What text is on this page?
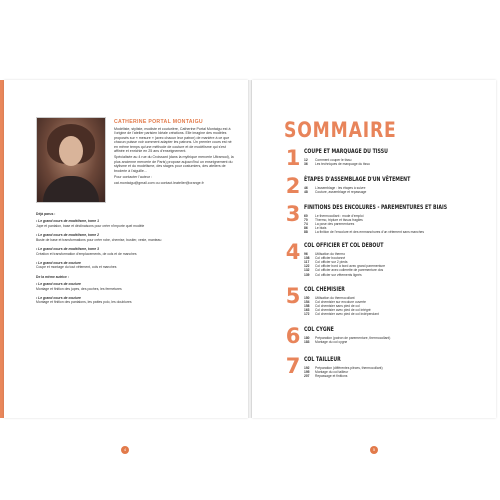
CATHERINE PORTAL MONTAIGU

Modéliste, styliste, modiste et couturière, Catherine Portal Montaigu est à l'origine de l'atelier parisien Idéale créations. Elle imagine des modèles proposés sur « mesure » (avec chacun leur patron) de manière à ce que chacun puisse voir comment adapter les patrons. Un premier cours est né en même temps qu'une méthode de couture et de modélisme qui s'est affinée et enrichie en 25 ans d'enseignement.

Spécialisée au 4 rue du Croissant (dans la mythique mercerie Ultramod), la plus ancienne mercerie de Paris) propose aujourd'hui un enseignement du stylisme et du modélisme, des stages pour costumiers, des ateliers de broderie à l'aiguille…

Pour contacter l'auteur :

cat.montaigu@gmail.com ou contact.leatelier@orange.fr

Déjà parus :
• Le grand cours de modélisme, tome 1
Jupe et pantalon, base et déclinaisons pour créer n'importe quel modèle
• Le grand cours de modélisme, tome 2
Buste de base et transformations pour créer robe, chemise, bustier, veste, manteau
• Le grand cours de modélisme, tome 3
Création et transformation d'emplacements, de cols et de manches
• Le grand cours de couture
Coupe et montage du tout vêtement, cols et manches
De la même autrice :
• Le grand cours de couture
Montage et finition des jupes, des poches, les fermetures
• Le grand cours de couture
Montage et finition des pantalons, les pattes polo, les doublures
4
SOMMAIRE
1 COUPE ET MARQUAGE DU TISSU
12	Comment couper le tissu
36	Les techniques de marquage du tissu
2 ÉTAPES D'ASSEMBLAGE D'UN VÊTEMENT
46	L'assemblage : les étapes à suivre
48	Couture, assemblage et repassage
3 FINITIONS DES ENCOLURES - PAREMENTURES ET BIAIS
60	Le thermocollant : mode d'emploi
70	Thermo, triplure et tissus fragiles
74	La pose des parementures
86	Le biais
88	La finition de l'encolure et des emmanchures d'un vêtement sans manches
4 COL OFFICIER ET COL DEBOUT
96	Utilisation du thermo
108	Col officier boutonné
117	Col officier sur 2 pieds
122	Col officier bord à bord avec grand parementure
132	Col officier avec collerette de parementure dos
139	Col officier sur vêtements lignés
5 COL CHEMISIER
150	Utilisation du thermocollant
154	Col chemisier sur encolure ouverte
158	Col chemisier sans pied de col
163	Col chemisier avec pied de col intégré
172	Col chemisier avec pied de col indépendant
6 COL CYGNE
180	Préparation (patron de parementure, thermocollant)
183	Montage du col cygne
7 COL TAILLEUR
192	Préparation (différentes pièces, thermocollant)
195	Montage du col tailleur
207	Repassage et finitions
5
